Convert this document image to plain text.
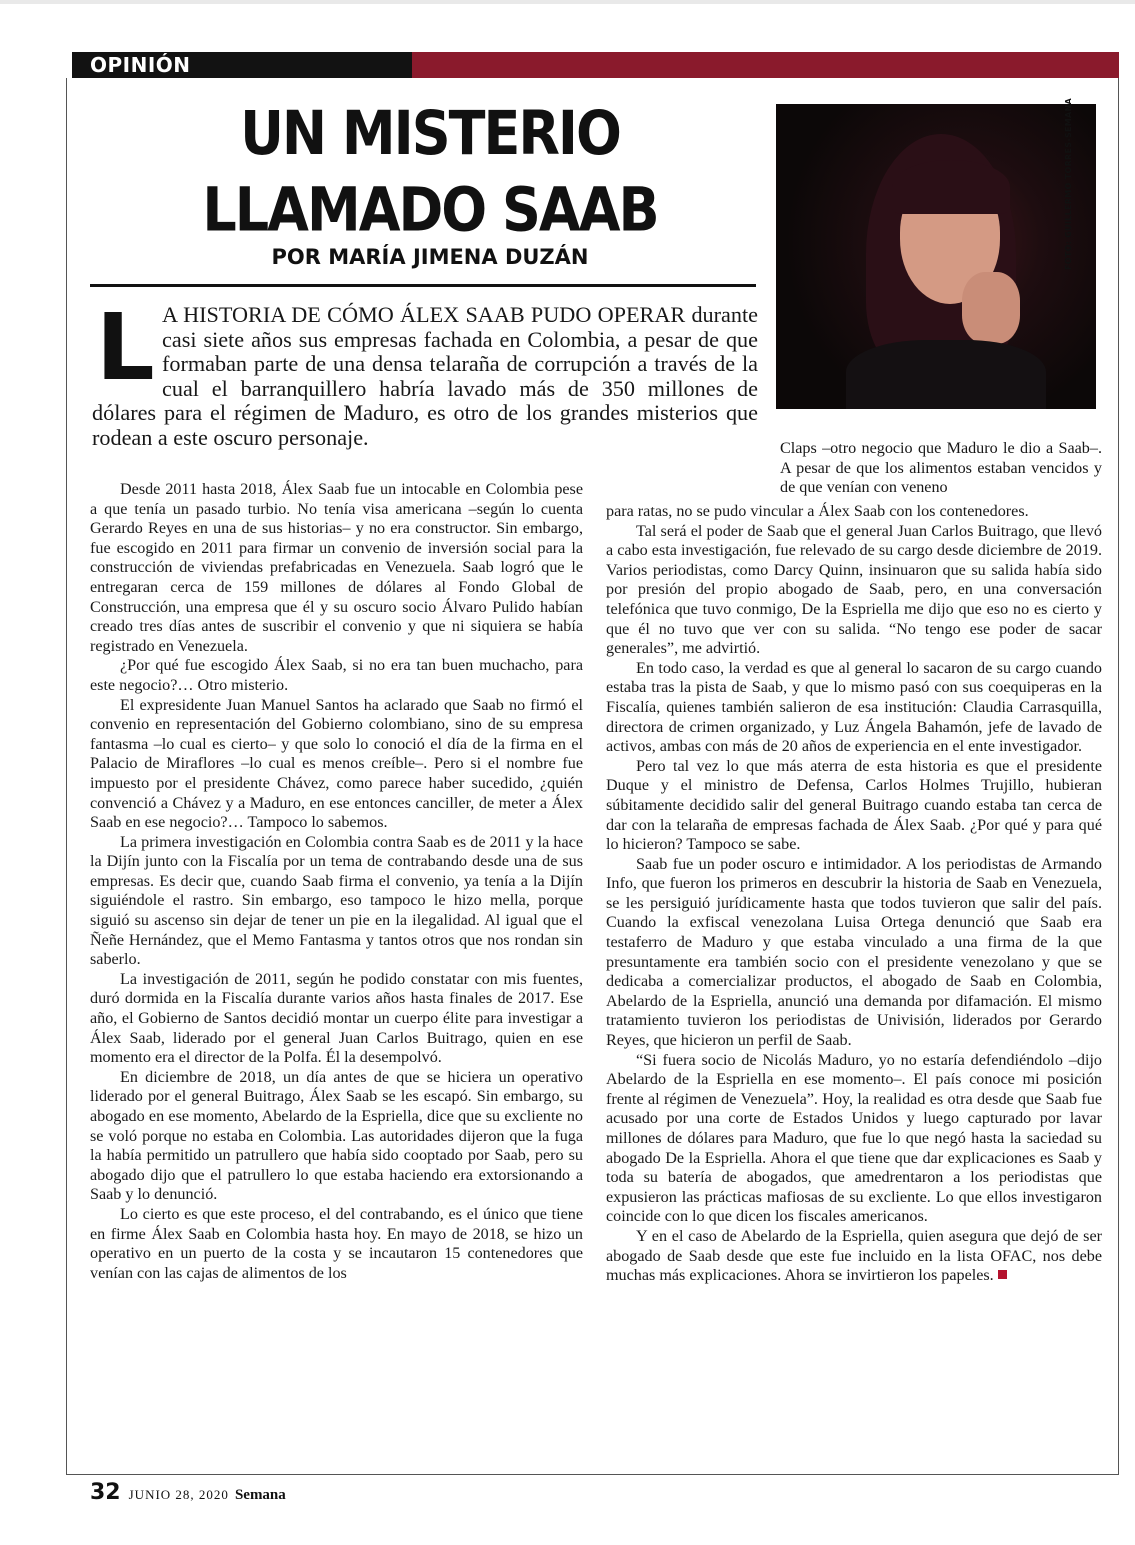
OPINIÓN
UN MISTERIO
LLAMADO SAAB
POR MARÍA JIMENA DUZÁN	FOTO: GUILLERMO TORRES-SEMANA
L A HISTORIA DE CÓMO ÁLEX SAAB PUDO OPERAR durante casi siete años sus empresas fachada en Colombia, a pesar de que formaban parte de una densa telaraña de corrupción a través de la cual el barranquillero habría lavado más de 350 millones de dólares para el régimen de Maduro, es otro de los grandes misterios que rodean a este oscuro personaje.

Desde 2011 hasta 2018, Álex Saab fue un intocable en Colombia pese a que tenía un pasado turbio. No tenía visa americana –según lo cuenta Gerardo Reyes en una de sus historias– y no era constructor. Sin embargo, fue escogido en 2011 para firmar un convenio de inversión social para la construcción de viviendas prefabricadas en Venezuela. Saab logró que le entregaran cerca de 159 millones de dólares al Fondo Global de Construcción, una empresa que él y su oscuro socio Álvaro Pulido habían creado tres días antes de suscribir el convenio y que ni siquiera se había registrado en Venezuela.

¿Por qué fue escogido Álex Saab, si no era tan buen muchacho, para este negocio?… Otro misterio.

El expresidente Juan Manuel Santos ha aclarado que Saab no firmó el convenio en representación del Gobierno colombiano, sino de su empresa fantasma –lo cual es cierto– y que solo lo conoció el día de la firma en el Palacio de Miraflores –lo cual es menos creíble–. Pero si el nombre fue impuesto por el presidente Chávez, como parece haber sucedido, ¿quién convenció a Chávez y a Maduro, en ese entonces canciller, de meter a Álex Saab en ese negocio?… Tampoco lo sabemos.

La primera investigación en Colombia contra Saab es de 2011 y la hace la Dijín junto con la Fiscalía por un tema de contrabando desde una de sus empresas. Es decir que, cuando Saab firma el convenio, ya tenía a la Dijín siguiéndole el rastro. Sin embargo, eso tampoco le hizo mella, porque siguió su ascenso sin dejar de tener un pie en la ilegalidad. Al igual que el Ñeñe Hernández, que el Memo Fantasma y tantos otros que nos rondan sin saberlo.

La investigación de 2011, según he podido constatar con mis fuentes, duró dormida en la Fiscalía durante varios años hasta finales de 2017. Ese año, el Gobierno de Santos decidió montar un cuerpo élite para investigar a Álex Saab, liderado por el general Juan Carlos Buitrago, quien en ese momento era el director de la Polfa. Él la desempolvó.

En diciembre de 2018, un día antes de que se hiciera un operativo liderado por el general Buitrago, Álex Saab se les escapó. Sin embargo, su abogado en ese momento, Abelardo de la Espriella, dice que su excliente no se voló porque no estaba en Colombia. Las autoridades dijeron que la fuga la había permitido un patrullero que había sido cooptado por Saab, pero su abogado dijo que el patrullero lo que estaba haciendo era extorsionando a Saab y lo denunció.

Lo cierto es que este proceso, el del contrabando, es el único que tiene en firme Álex Saab en Colombia hasta hoy. En mayo de 2018, se hizo un operativo en un puerto de la costa y se incautaron 15 contenedores que venían con las cajas de alimentos de los

Claps –otro negocio que Maduro le dio a Saab–. A pesar de que los alimentos estaban vencidos y de que venían con veneno

para ratas, no se pudo vincular a Álex Saab con los contenedores.

Tal será el poder de Saab que el general Juan Carlos Buitrago, que llevó a cabo esta investigación, fue relevado de su cargo desde diciembre de 2019. Varios periodistas, como Darcy Quinn, insinuaron que su salida había sido por presión del propio abogado de Saab, pero, en una conversación telefónica que tuvo conmigo, De la Espriella me dijo que eso no es cierto y que él no tuvo que ver con su salida. “No tengo ese poder de sacar generales”, me advirtió.

En todo caso, la verdad es que al general lo sacaron de su cargo cuando estaba tras la pista de Saab, y que lo mismo pasó con sus coequiperas en la Fiscalía, quienes también salieron de esa institución: Claudia Carrasquilla, directora de crimen organizado, y Luz Ángela Bahamón, jefe de lavado de activos, ambas con más de 20 años de experiencia en el ente investigador.

Pero tal vez lo que más aterra de esta historia es que el presidente Duque y el ministro de Defensa, Carlos Holmes Trujillo, hubieran súbitamente decidido salir del general Buitrago cuando estaba tan cerca de dar con la telaraña de empresas fachada de Álex Saab. ¿Por qué y para qué lo hicieron? Tampoco se sabe.

Saab fue un poder oscuro e intimidador. A los periodistas de Armando Info, que fueron los primeros en descubrir la historia de Saab en Venezuela, se les persiguió jurídicamente hasta que todos tuvieron que salir del país. Cuando la exfiscal venezolana Luisa Ortega denunció que Saab era testaferro de Maduro y que estaba vinculado a una firma de la que presuntamente era también socio con el presidente venezolano y que se dedicaba a comercializar productos, el abogado de Saab en Colombia, Abelardo de la Espriella, anunció una demanda por difamación. El mismo tratamiento tuvieron los periodistas de Univisión, liderados por Gerardo Reyes, que hicieron un perfil de Saab.

“Si fuera socio de Nicolás Maduro, yo no estaría defendiéndolo –dijo Abelardo de la Espriella en ese momento–. El país conoce mi posición frente al régimen de Venezuela”. Hoy, la realidad es otra desde que Saab fue acusado por una corte de Estados Unidos y luego capturado por lavar millones de dólares para Maduro, que fue lo que negó hasta la saciedad su abogado De la Espriella. Ahora el que tiene que dar explicaciones es Saab y toda su batería de abogados, que amedrentaron a los periodistas que expusieron las prácticas mafiosas de su excliente. Lo que ellos investigaron coincide con lo que dicen los fiscales americanos.

Y en el caso de Abelardo de la Espriella, quien asegura que dejó de ser abogado de Saab desde que este fue incluido en la lista OFAC, nos debe muchas más explicaciones. Ahora se invirtieron los papeles.

32 JUNIO 28, 2020 Semana
